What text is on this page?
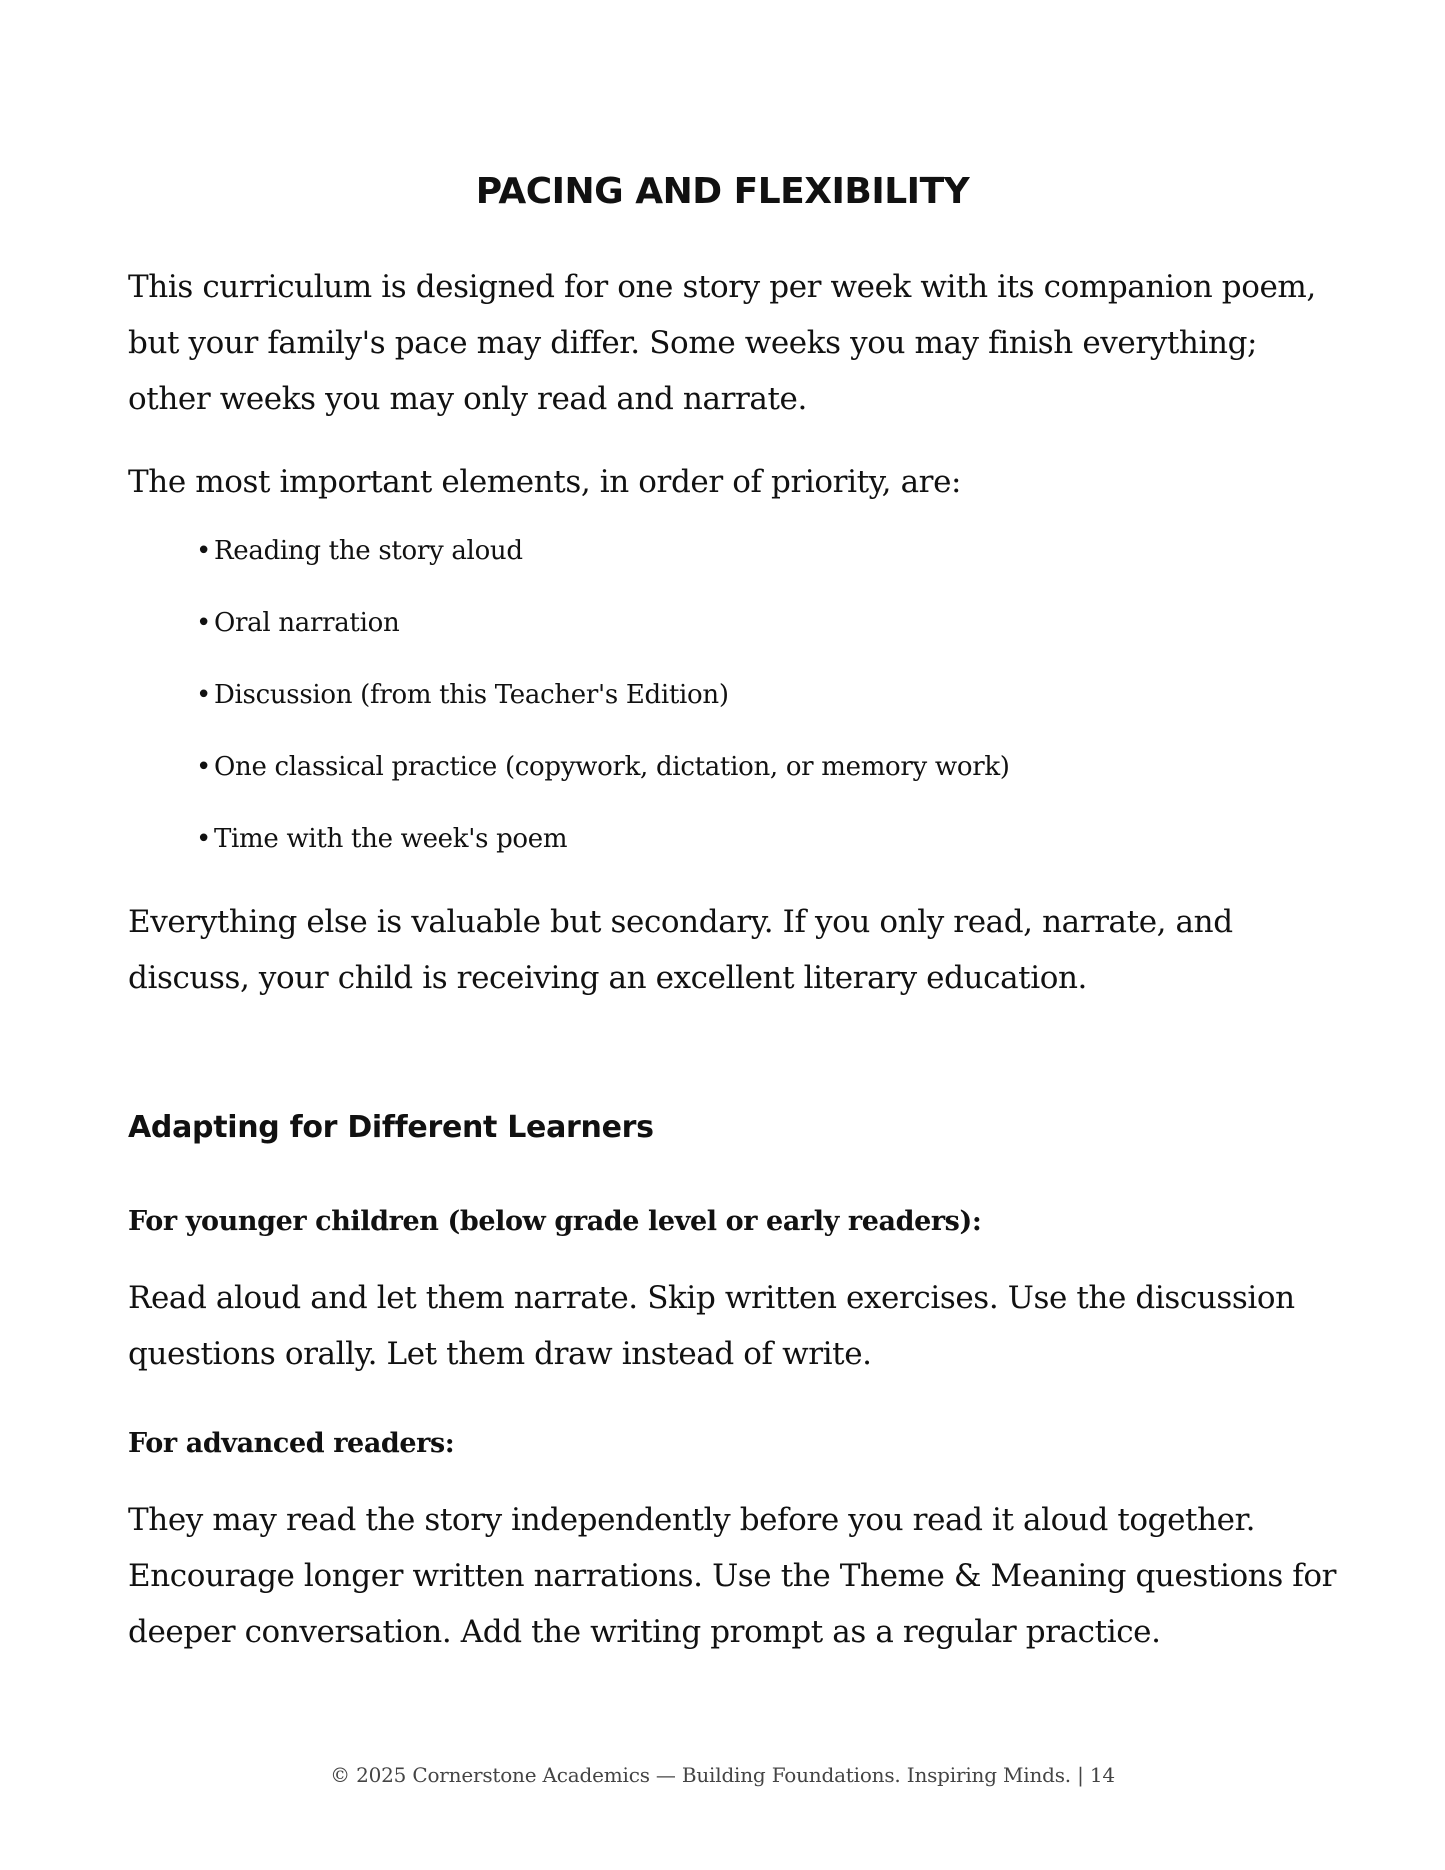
PACING AND FLEXIBILITY

This curriculum is designed for one story per week with its companion poem, but your family's pace may differ. Some weeks you may finish everything; other weeks you may only read and narrate.

The most important elements, in order of priority, are:

• Reading the story aloud
• Oral narration
• Discussion (from this Teacher's Edition)
• One classical practice (copywork, dictation, or memory work)
• Time with the week's poem

Everything else is valuable but secondary. If you only read, narrate, and discuss, your child is receiving an excellent literary education.

Adapting for Different Learners
For younger children (below grade level or early readers):

Read aloud and let them narrate. Skip written exercises. Use the discussion questions orally. Let them draw instead of write.

For advanced readers:

They may read the story independently before you read it aloud together. Encourage longer written narrations. Use the Theme & Meaning questions for deeper conversation. Add the writing prompt as a regular practice.

© 2025 Cornerstone Academics — Building Foundations. Inspiring Minds. | 14
